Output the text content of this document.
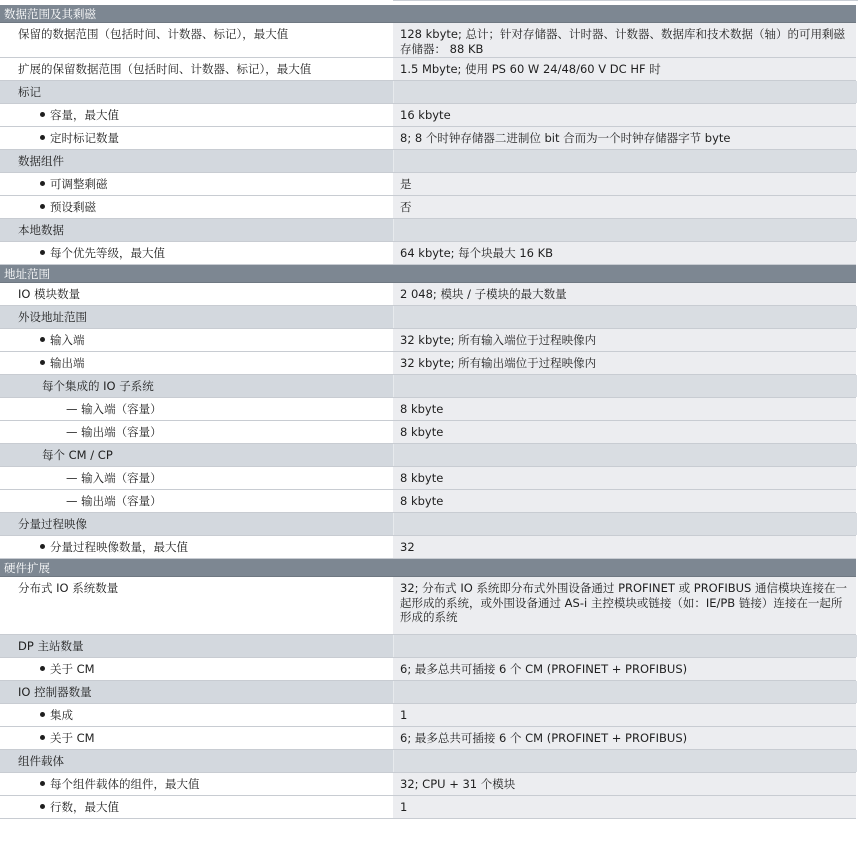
数据范围及其剩磁
保留的数据范围（包括时间、计数器、标记），最大值	128 kbyte; 总计；针对存储器、计时器、计数器、数据库和技术数据（轴）的可用剩磁存储器： 88 KB
扩展的保留数据范围（包括时间、计数器、标记），最大值	1.5 Mbyte; 使用 PS 60 W 24/48/60 V DC HF 时
标记
容量，最大值	16 kbyte
定时标记数量	8; 8 个时钟存储器二进制位 bit 合而为一个时钟存储器字节 byte
数据组件
可调整剩磁	是
预设剩磁	否
本地数据
每个优先等级，最大值	64 kbyte; 每个块最大 16 KB
地址范围
IO 模块数量	2 048; 模块 / 子模块的最大数量
外设地址范围
输入端	32 kbyte; 所有输入端位于过程映像内
输出端	32 kbyte; 所有输出端位于过程映像内
每个集成的 IO 子系统
— 输入端（容量）	8 kbyte
— 输出端（容量）	8 kbyte
每个 CM / CP
— 输入端（容量）	8 kbyte
— 输出端（容量）	8 kbyte
分量过程映像
分量过程映像数量，最大值	32
硬件扩展
分布式 IO 系统数量	32; 分布式 IO 系统即分布式外围设备通过 PROFINET 或 PROFIBUS 通信模块连接在一起形成的系统，或外围设备通过 AS-i 主控模块或链接（如：IE/PB 链接）连接在一起所形成的系统
DP 主站数量
关于 CM	6; 最多总共可插接 6 个 CM (PROFINET + PROFIBUS)
IO 控制器数量
集成	1
关于 CM	6; 最多总共可插接 6 个 CM (PROFINET + PROFIBUS)
组件载体
每个组件载体的组件，最大值	32; CPU + 31 个模块
行数，最大值	1
